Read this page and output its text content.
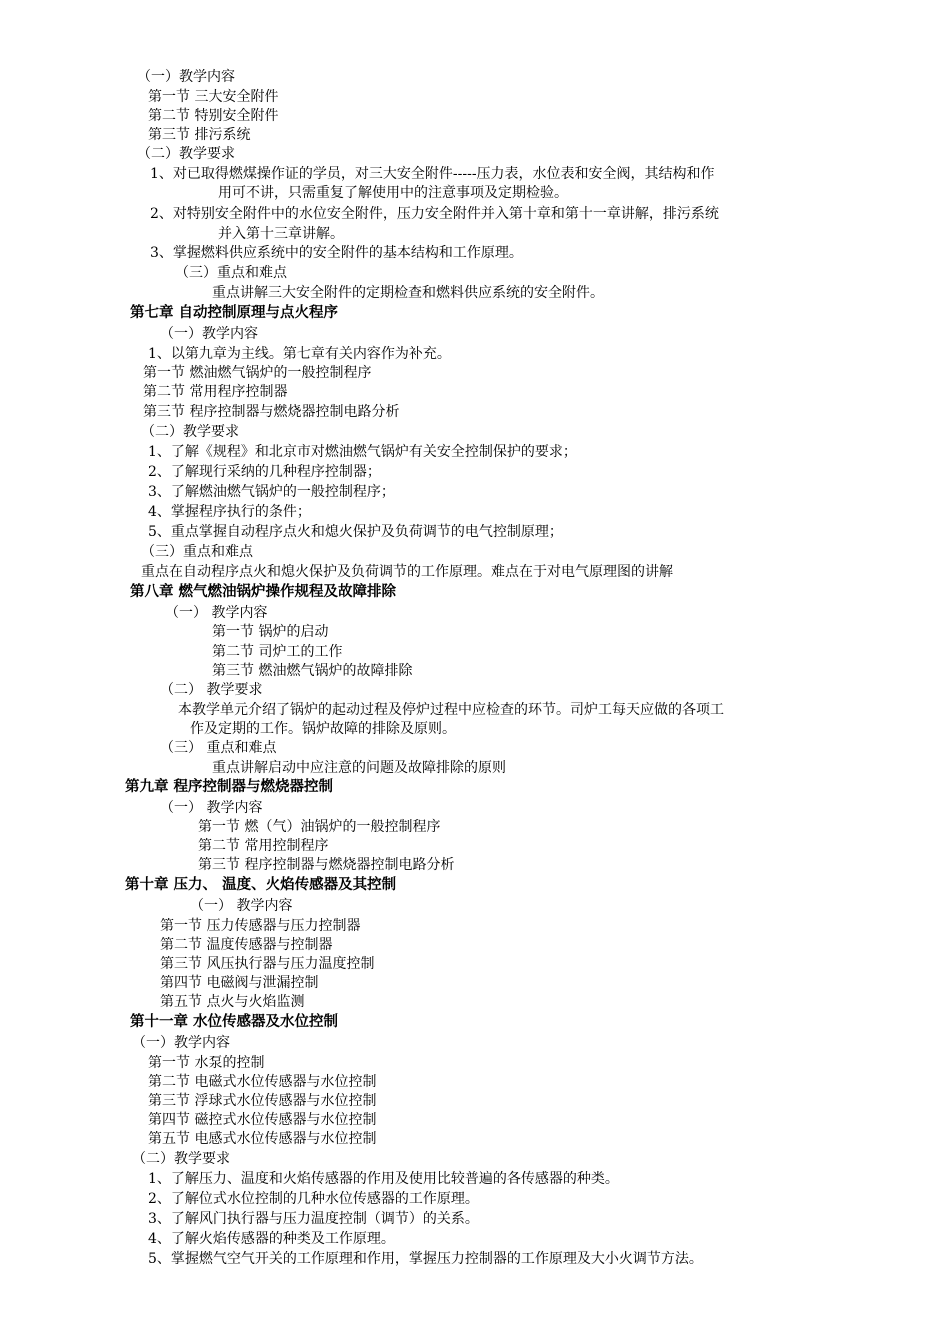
（一）教学内容
第一节 三大安全附件
第二节 特别安全附件
第三节 排污系统
（二）教学要求
1、对已取得燃煤操作证的学员，对三大安全附件-----压力表，水位表和安全阀，其结构和作
用可不讲，只需重复了解使用中的注意事项及定期检验。
2、对特别安全附件中的水位安全附件，压力安全附件并入第十章和第十一章讲解，排污系统
并入第十三章讲解。
3、掌握燃料供应系统中的安全附件的基本结构和工作原理。
（三）重点和难点
重点讲解三大安全附件的定期检查和燃料供应系统的安全附件。
第七章 自动控制原理与点火程序
（一）教学内容
1、以第九章为主线。第七章有关内容作为补充。
第一节 燃油燃气锅炉的一般控制程序
第二节 常用程序控制器
第三节 程序控制器与燃烧器控制电路分析
（二）教学要求
1、了解《规程》和北京市对燃油燃气锅炉有关安全控制保护的要求；
2、了解现行采纳的几种程序控制器；
3、了解燃油燃气锅炉的一般控制程序；
4、掌握程序执行的条件；
5、重点掌握自动程序点火和熄火保护及负荷调节的电气控制原理；
（三）重点和难点
重点在自动程序点火和熄火保护及负荷调节的工作原理。难点在于对电气原理图的讲解
第八章 燃气燃油锅炉操作规程及故障排除
（一） 教学内容
第一节 锅炉的启动
第二节 司炉工的工作
第三节 燃油燃气锅炉的故障排除
（二） 教学要求
本教学单元介绍了锅炉的起动过程及停炉过程中应检查的环节。司炉工每天应做的各项工
作及定期的工作。锅炉故障的排除及原则。
（三） 重点和难点
重点讲解启动中应注意的问题及故障排除的原则
第九章 程序控制器与燃烧器控制
（一） 教学内容
第一节 燃（气）油锅炉的一般控制程序
第二节 常用控制程序
第三节 程序控制器与燃烧器控制电路分析
第十章 压力、 温度、火焰传感器及其控制
（一） 教学内容
第一节 压力传感器与压力控制器
第二节 温度传感器与控制器
第三节 风压执行器与压力温度控制
第四节 电磁阀与泄漏控制
第五节 点火与火焰监测
第十一章 水位传感器及水位控制
（一）教学内容
第一节 水泵的控制
第二节 电磁式水位传感器与水位控制
第三节 浮球式水位传感器与水位控制
第四节 磁控式水位传感器与水位控制
第五节 电感式水位传感器与水位控制
（二）教学要求
1、了解压力、温度和火焰传感器的作用及使用比较普遍的各传感器的种类。
2、了解位式水位控制的几种水位传感器的工作原理。
3、了解风门执行器与压力温度控制（调节）的关系。
4、了解火焰传感器的种类及工作原理。
5、掌握燃气空气开关的工作原理和作用，掌握压力控制器的工作原理及大小火调节方法。
